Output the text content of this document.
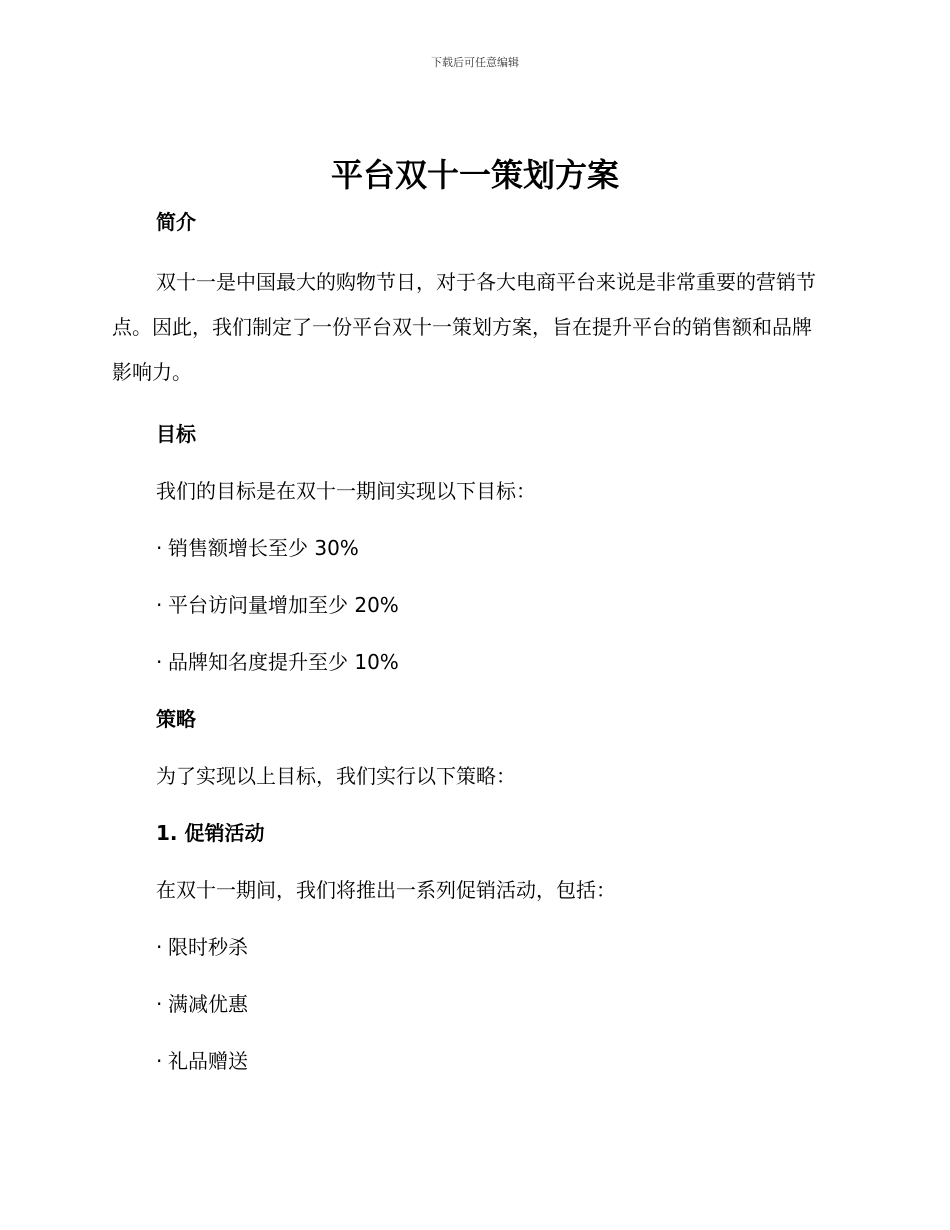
下载后可任意编辑
平台双十一策划方案
简介

双十一是中国最大的购物节日，对于各大电商平台来说是非常重要的营销节点。因此，我们制定了一份平台双十一策划方案，旨在提升平台的销售额和品牌影响力。

目标
我们的目标是在双十一期间实现以下目标：
· 销售额增长至少 30%
· 平台访问量增加至少 20%
· 品牌知名度提升至少 10%
策略
为了实现以上目标，我们实行以下策略：
1. 促销活动
在双十一期间，我们将推出一系列促销活动，包括：
· 限时秒杀
· 满减优惠
· 礼品赠送
